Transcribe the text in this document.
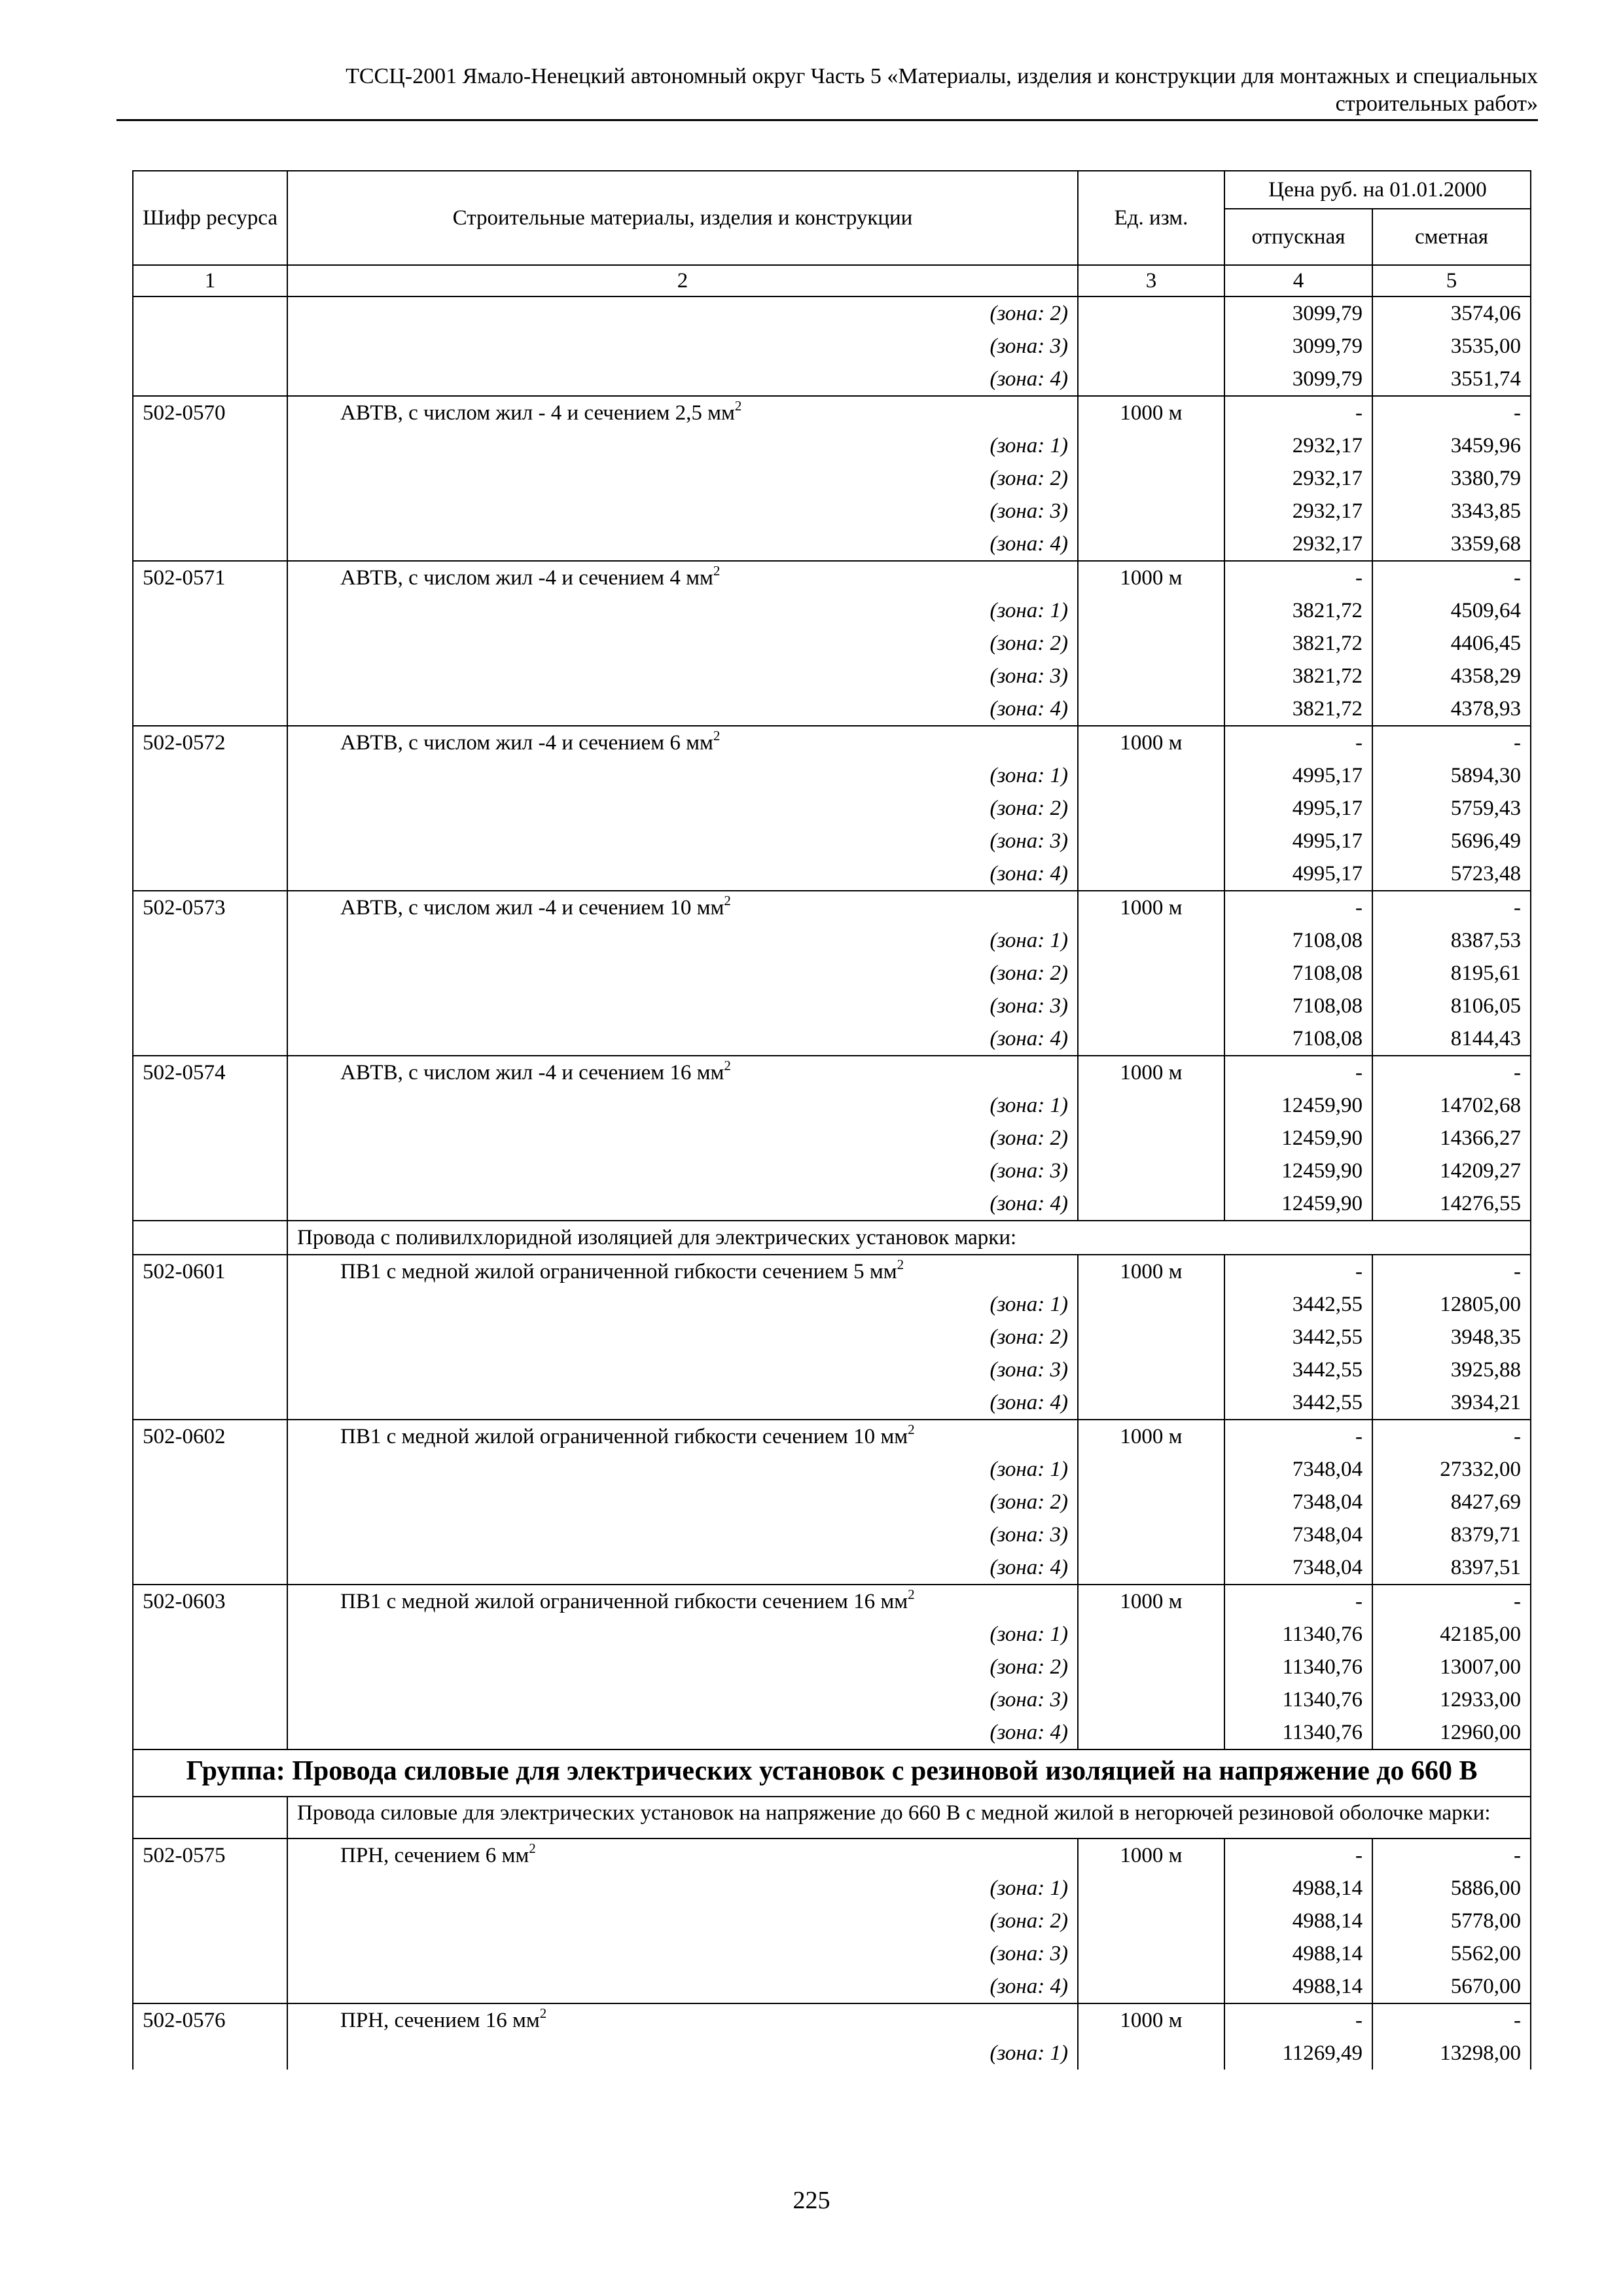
ТССЦ-2001 Ямало-Ненецкий автономный округ Часть 5 «Материалы, изделия и конструкции для монтажных и специальных
строительных работ»
Шифр ресурса	Строительные материалы, изделия и конструкции	Ед. изм.	Цена руб. на 01.01.2000	
			отпускная	сметная
1	2	3	4	5
	(зона: 2)		3099,79	3574,06
	(зона: 3)		3099,79	3535,00
	(зона: 4)		3099,79	3551,74
502-0570	АВТВ, с числом жил - 4 и сечением 2,5 $мм^2$	1000 м	-	-
	(зона: 1)		2932,17	3459,96
	(зона: 2)		2932,17	3380,79
	(зона: 3)		2932,17	3343,85
	(зона: 4)		2932,17	3359,68
502-0571	АВТВ, с числом жил -4 и сечением 4 $мм^2$	1000 м	-	-
	(зона: 1)		3821,72	4509,64
	(зона: 2)		3821,72	4406,45
	(зона: 3)		3821,72	4358,29
	(зона: 4)		3821,72	4378,93
502-0572	АВТВ, с числом жил -4 и сечением 6 $мм^2$	1000 м	-	-
	(зона: 1)		4995,17	5894,30
	(зона: 2)		4995,17	5759,43
	(зона: 3)		4995,17	5696,49
	(зона: 4)		4995,17	5723,48
502-0573	АВТВ, с числом жил -4 и сечением 10 $мм^2$	1000 м	-	-
	(зона: 1)		7108,08	8387,53
	(зона: 2)		7108,08	8195,61
	(зона: 3)		7108,08	8106,05
	(зона: 4)		7108,08	8144,43
502-0574	АВТВ, с числом жил -4 и сечением 16 $мм^2$	1000 м	-	-
	(зона: 1)		12459,90	14702,68
	(зона: 2)		12459,90	14366,27
	(зона: 3)		12459,90	14209,27
	(зона: 4)		12459,90	14276,55
	Провода с поливилхлоридной изоляцией для электрических установок марки:			
502-0601	ПВ1 с медной жилой ограниченной гибкости сечением 5 $мм^2$	1000 м	-	-
	(зона: 1)		3442,55	12805,00
	(зона: 2)		3442,55	3948,35
	(зона: 3)		3442,55	3925,88
	(зона: 4)		3442,55	3934,21
502-0602	ПВ1 с медной жилой ограниченной гибкости сечением 10 $мм^2$	1000 м	-	-
	(зона: 1)		7348,04	27332,00
	(зона: 2)		7348,04	8427,69
	(зона: 3)		7348,04	8379,71
	(зона: 4)		7348,04	8397,51
502-0603	ПВ1 с медной жилой ограниченной гибкости сечением 16 $мм^2$	1000 м	-	-
	(зона: 1)		11340,76	42185,00
	(зона: 2)		11340,76	13007,00
	(зона: 3)		11340,76	12933,00
	(зона: 4)		11340,76	12960,00
Группа: Провода силовые для электрических установок с резиновой изоляцией на напряжение до 660 В				
	Провода силовые для электрических установок на напряжение до 660 В с медной жилой в негорючей резиновой оболочке марки:			
502-0575	ПРН, сечением 6 $мм^2$	1000 м	-	-
	(зона: 1)		4988,14	5886,00
	(зона: 2)		4988,14	5778,00
	(зона: 3)		4988,14	5562,00
	(зона: 4)		4988,14	5670,00
502-0576	ПРН, сечением 16 $мм^2$	1000 м	-	-
	(зона: 1)		11269,49	13298,00
225
